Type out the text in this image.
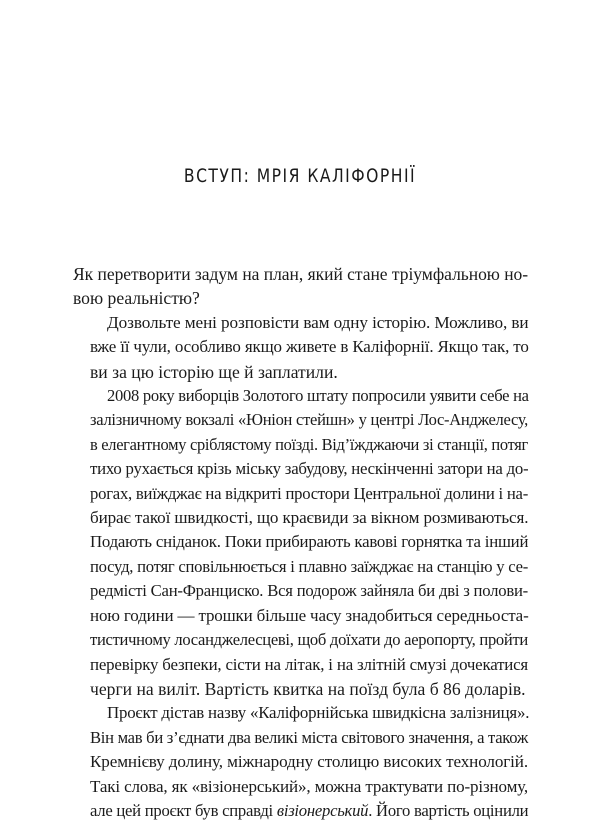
ВСТУП: МРІЯ КАЛІФОРНІЇ

Як перетворити задум на план, який стане тріумфальною но-
вою реальністю?

Дозвольте мені розповісти вам одну історію. Можливо, ви
вже її чули, особливо якщо живете в Каліфорнії. Якщо так, то
ви за цю історію ще й заплатили.

2008 року виборців Золотого штату попросили уявити себе на
залізничному вокзалі «Юніон стейшн» у центрі Лос-Анджелесу,
в елегантному сріблястому поїзді. Від’їжджаючи зі станції, потяг
тихо рухається крізь міську забудову, нескінченні затори на до-
рогах, виїжджає на відкриті простори Центральної долини і на-
бирає такої швидкості, що краєвиди за вікном розмиваються.
Подають сніданок. Поки прибирають кавові горнятка та інший
посуд, потяг сповільнюється і плавно заїжджає на станцію у се-
редмісті Сан-Франциско. Вся подорож зайняла би дві з полови-
ною години — трошки більше часу знадобиться середньоста-
тистичному лосанджелесцеві, щоб доїхати до аеропорту, пройти
перевірку безпеки, сісти на літак, і на злітній смузі дочекатися
черги на виліт. Вартість квитка на поїзд була б 86 доларів.

Проєкт дістав назву «Каліфорнійська швидкісна залізниця».
Він мав би з’єднати два великі міста світового значення, а також
Кремнієву долину, міжнародну столицю високих технологій.
Такі слова, як «візіонерський», можна трактувати по-різному,
але цей проєкт був справді візіонерський. Його вартість оцінили
